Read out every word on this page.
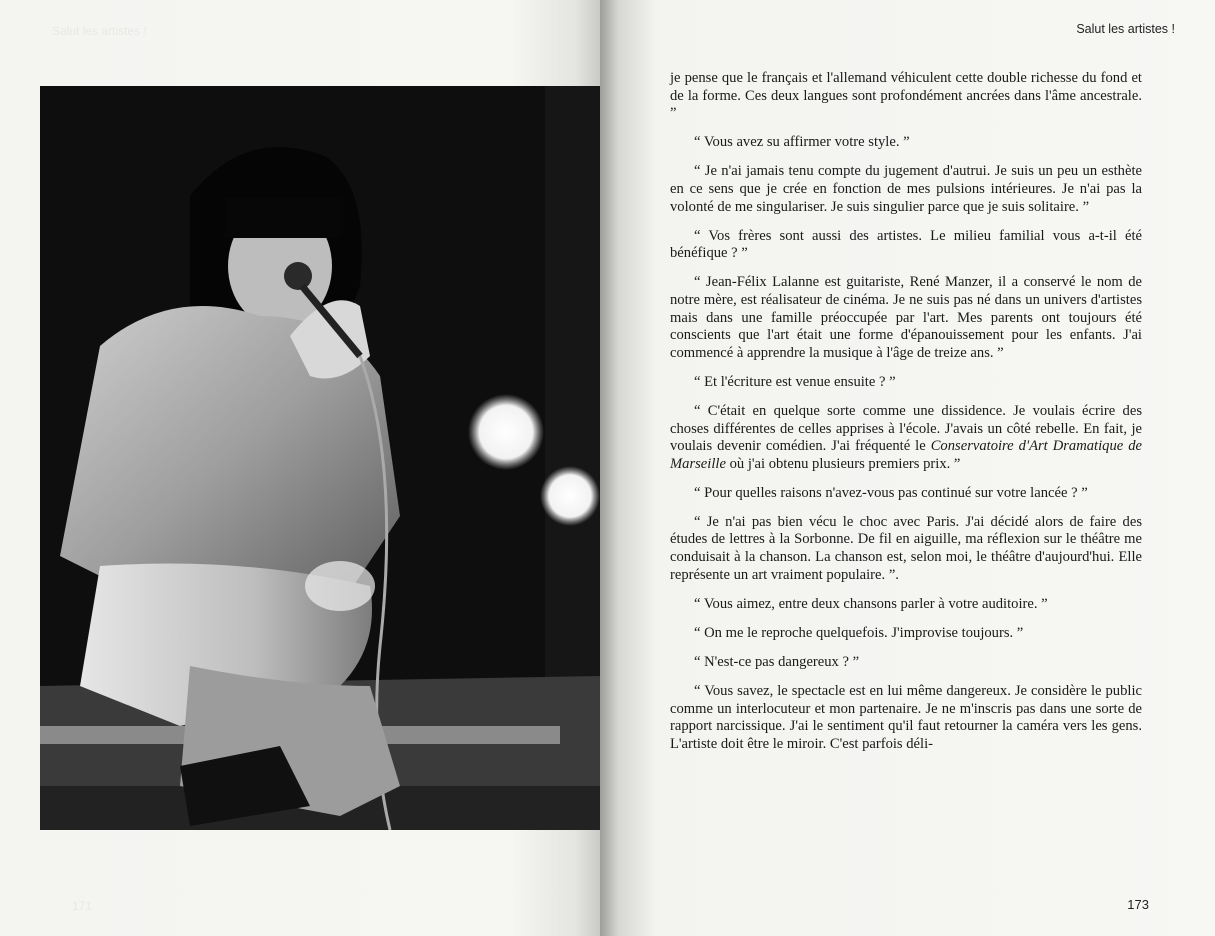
Salut les artistes !
171
Salut les artistes !
173

je pense que le français et l'allemand véhiculent cette double richesse du fond et de la forme. Ces deux langues sont profondément ancrées dans l'âme ancestrale. ”

“ Vous avez su affirmer votre style. ”

“ Je n'ai jamais tenu compte du jugement d'autrui. Je suis un peu un esthète en ce sens que je crée en fonction de mes pulsions intérieures. Je n'ai pas la volonté de me singulariser. Je suis singulier parce que je suis solitaire. ”

“ Vos frères sont aussi des artistes. Le milieu familial vous a-t-il été bénéfique ? ”

“ Jean-Félix Lalanne est guitariste, René Manzer, il a conservé le nom de notre mère, est réalisateur de cinéma. Je ne suis pas né dans un univers d'artistes mais dans une famille préoccupée par l'art. Mes parents ont toujours été conscients que l'art était une forme d'épanouissement pour les enfants. J'ai commencé à apprendre la musique à l'âge de treize ans. ”

“ Et l'écriture est venue ensuite ? ”

“ C'était en quelque sorte comme une dissidence. Je voulais écrire des choses différentes de celles apprises à l'école. J'avais un côté rebelle. En fait, je voulais devenir comédien. J'ai fréquenté le Conservatoire d'Art Dramatique de Marseille où j'ai obtenu plusieurs premiers prix. ”

“ Pour quelles raisons n'avez-vous pas continué sur votre lancée ? ”

“ Je n'ai pas bien vécu le choc avec Paris. J'ai décidé alors de faire des études de lettres à la Sorbonne. De fil en aiguille, ma réflexion sur le théâtre me conduisait à la chanson. La chanson est, selon moi, le théâtre d'aujourd'hui. Elle représente un art vraiment populaire. ”.

“ Vous aimez, entre deux chansons parler à votre auditoire. ”

“ On me le reproche quelquefois. J'improvise toujours. ”

“ N'est-ce pas dangereux ? ”

“ Vous savez, le spectacle est en lui même dangereux. Je considère le public comme un interlocuteur et mon partenaire. Je ne m'inscris pas dans une sorte de rapport narcissique. J'ai le sentiment qu'il faut retourner la caméra vers les gens. L'artiste doit être le miroir. C'est parfois déli-
